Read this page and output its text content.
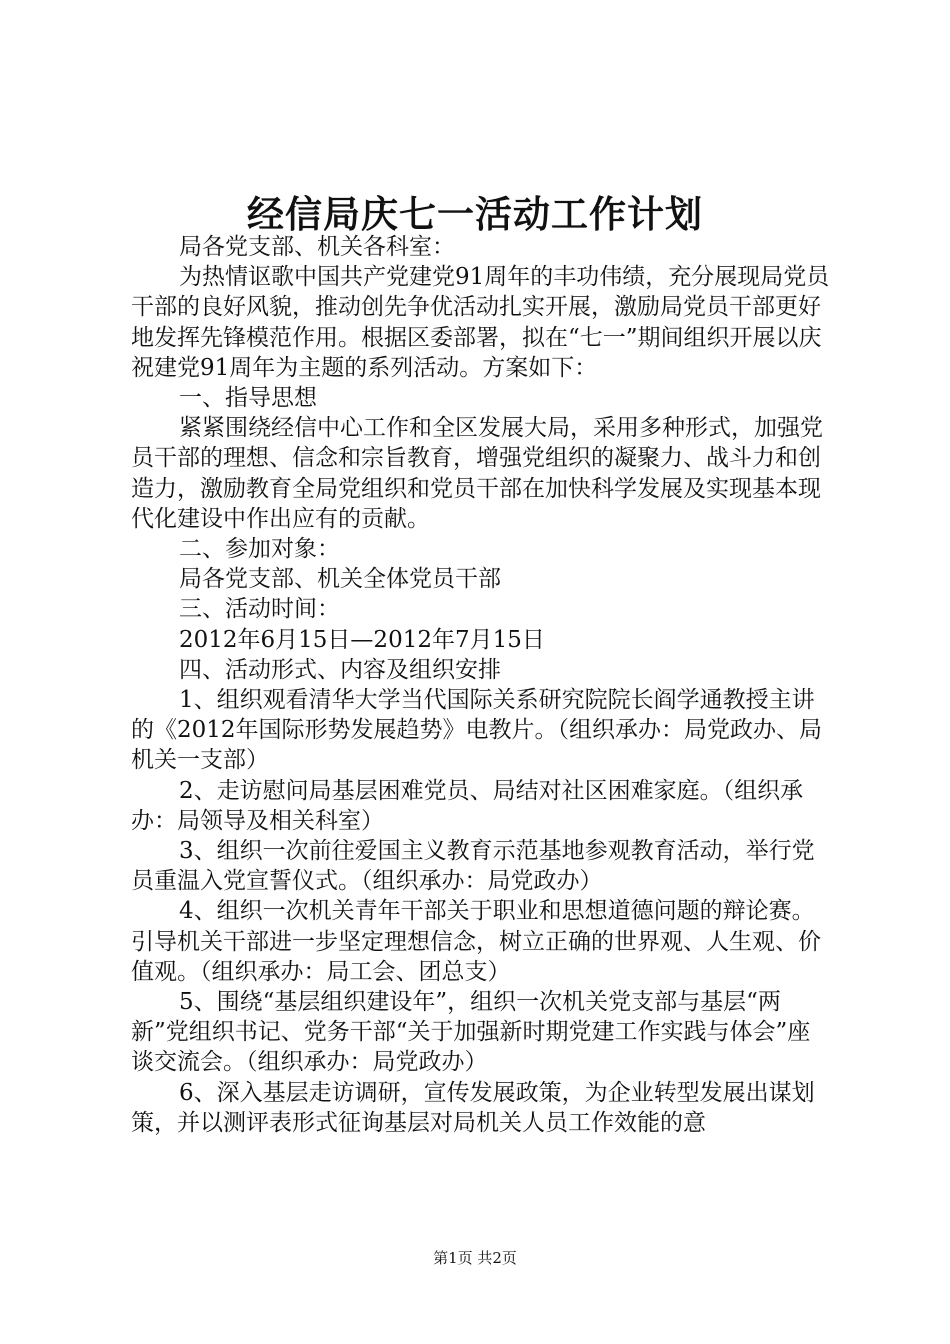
经信局庆七一活动工作计划

局各党支部、机关各科室：

为热情讴歌中国共产党建党91周年的丰功伟绩，充分展现局党员干部的良好风貌，推动创先争优活动扎实开展，激励局党员干部更好地发挥先锋模范作用。根据区委部署，拟在“七一”期间组织开展以庆祝建党91周年为主题的系列活动。方案如下：

一、指导思想

紧紧围绕经信中心工作和全区发展大局，采用多种形式，加强党员干部的理想、信念和宗旨教育，增强党组织的凝聚力、战斗力和创造力，激励教育全局党组织和党员干部在加快科学发展及实现基本现代化建设中作出应有的贡献。

二、参加对象：

局各党支部、机关全体党员干部

三、活动时间：

2012年6月15日—2012年7月15日

四、活动形式、内容及组织安排

1、组织观看清华大学当代国际关系研究院院长阎学通教授主讲的《2012年国际形势发展趋势》电教片。（组织承办：局党政办、局机关一支部）

2、走访慰问局基层困难党员、局结对社区困难家庭。（组织承办：局领导及相关科室）

3、组织一次前往爱国主义教育示范基地参观教育活动，举行党员重温入党宣誓仪式。（组织承办：局党政办）

4、组织一次机关青年干部关于职业和思想道德问题的辩论赛。引导机关干部进一步坚定理想信念，树立正确的世界观、人生观、价值观。（组织承办：局工会、团总支）

5、围绕“基层组织建设年”，组织一次机关党支部与基层“两新”党组织书记、党务干部“关于加强新时期党建工作实践与体会”座谈交流会。（组织承办：局党政办）

6、深入基层走访调研，宣传发展政策，为企业转型发展出谋划策，并以测评表形式征询基层对局机关人员工作效能的意

第1页 共2页
